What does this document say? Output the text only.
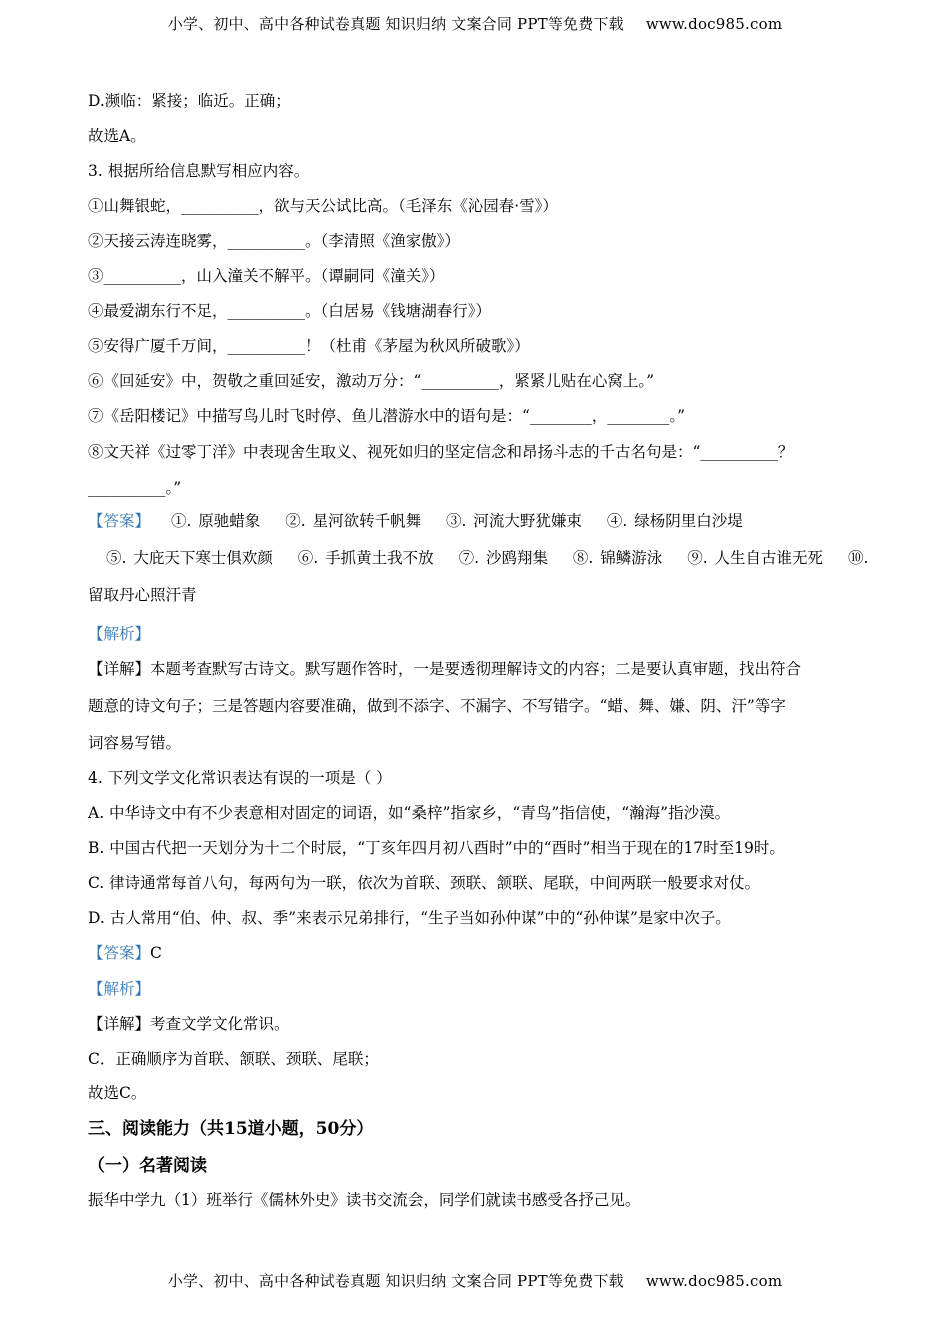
小学、初中、高中各种试卷真题 知识归纳 文案合同 PPT等免费下载 www.doc985.com
D.濒临：紧接；临近。正确；
故选A。
3. 根据所给信息默写相应内容。
①山舞银蛇，__________，欲与天公试比高。（毛泽东《沁园春·雪》）
②天接云涛连晓雾，__________。（李清照《渔家傲》）
③__________，山入潼关不解平。（谭嗣同《潼关》）
④最爱湖东行不足，__________。（白居易《钱塘湖春行》）
⑤安得广厦千万间，__________！（杜甫《茅屋为秋风所破歌》）
⑥《回延安》中，贺敬之重回延安，激动万分：“__________，紧紧儿贴在心窝上。”
⑦《岳阳楼记》中描写鸟儿时飞时停、鱼儿潜游水中的语句是：“________，________。”
⑧文天祥《过零丁洋》中表现舍生取义、视死如归的坚定信念和昂扬斗志的千古名句是：“__________？
__________。”
【答案】 ①. 原驰蜡象 ②. 星河欲转千帆舞 ③. 河流大野犹嫌束 ④. 绿杨阴里白沙堤 ⑤. 大庇天下寒士俱欢颜 ⑥. 手抓黄土我不放 ⑦. 沙鸥翔集 ⑧. 锦鳞游泳 ⑨. 人生自古谁无死 ⑩. 留取丹心照汗青
【解析】
【详解】本题考查默写古诗文。默写题作答时，一是要透彻理解诗文的内容；二是要认真审题，找出符合
题意的诗文句子；三是答题内容要准确，做到不添字、不漏字、不写错字。“蜡、舞、嫌、阴、汗”等字
词容易写错。
4. 下列文学文化常识表达有误的一项是（ ）
A. 中华诗文中有不少表意相对固定的词语，如“桑梓”指家乡，“青鸟”指信使，“瀚海”指沙漠。
B. 中国古代把一天划分为十二个时辰，“丁亥年四月初八酉时”中的“酉时”相当于现在的17时至19时。
C. 律诗通常每首八句，每两句为一联，依次为首联、颈联、颔联、尾联，中间两联一般要求对仗。
D. 古人常用“伯、仲、叔、季”来表示兄弟排行，“生子当如孙仲谋”中的“孙仲谋”是家中次子。
【答案】C
【解析】
【详解】考查文学文化常识。
C．正确顺序为首联、颔联、颈联、尾联；
故选C。
三、阅读能力（共15道小题，50分）
（一）名著阅读
振华中学九（1）班举行《儒林外史》读书交流会，同学们就读书感受各抒己见。
小学、初中、高中各种试卷真题 知识归纳 文案合同 PPT等免费下载 www.doc985.com
